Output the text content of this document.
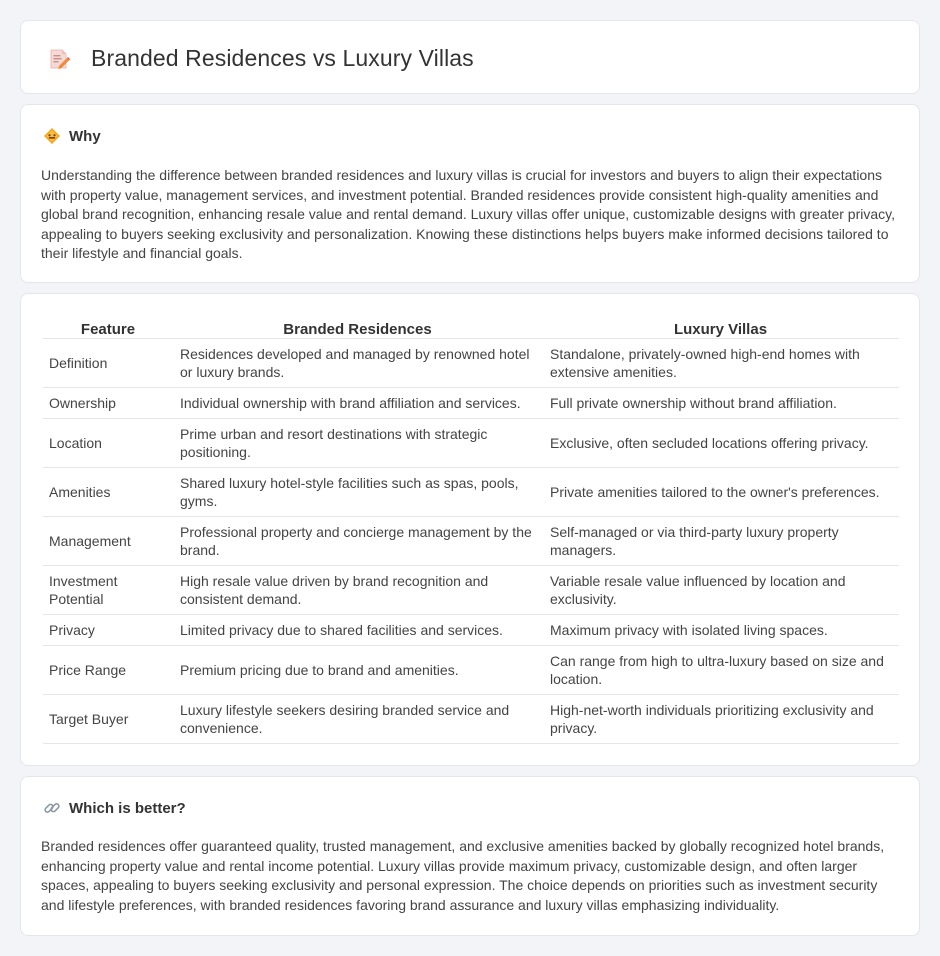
Branded Residences vs Luxury Villas
Why

Understanding the difference between branded residences and luxury villas is crucial for investors and buyers to align their expectations with property value, management services, and investment potential. Branded residences provide consistent high-quality amenities and global brand recognition, enhancing resale value and rental demand. Luxury villas offer unique, customizable designs with greater privacy, appealing to buyers seeking exclusivity and personalization. Knowing these distinctions helps buyers make informed decisions tailored to their lifestyle and financial goals.

Feature	Branded Residences	Luxury Villas
Definition	Residences developed and managed by renowned hotel or luxury brands.	Standalone, privately-owned high-end homes with extensive amenities.
Ownership	Individual ownership with brand affiliation and services.	Full private ownership without brand affiliation.
Location	Prime urban and resort destinations with strategic positioning.	Exclusive, often secluded locations offering privacy.
Amenities	Shared luxury hotel-style facilities such as spas, pools, gyms.	Private amenities tailored to the owner's preferences.
Management	Professional property and concierge management by the brand.	Self-managed or via third-party luxury property managers.
Investment Potential	High resale value driven by brand recognition and consistent demand.	Variable resale value influenced by location and exclusivity.
Privacy	Limited privacy due to shared facilities and services.	Maximum privacy with isolated living spaces.
Price Range	Premium pricing due to brand and amenities.	Can range from high to ultra-luxury based on size and location.
Target Buyer	Luxury lifestyle seekers desiring branded service and convenience.	High-net-worth individuals prioritizing exclusivity and privacy.
Which is better?

Branded residences offer guaranteed quality, trusted management, and exclusive amenities backed by globally recognized hotel brands, enhancing property value and rental income potential. Luxury villas provide maximum privacy, customizable design, and often larger spaces, appealing to buyers seeking exclusivity and personal expression. The choice depends on priorities such as investment security and lifestyle preferences, with branded residences favoring brand assurance and luxury villas emphasizing individuality.
